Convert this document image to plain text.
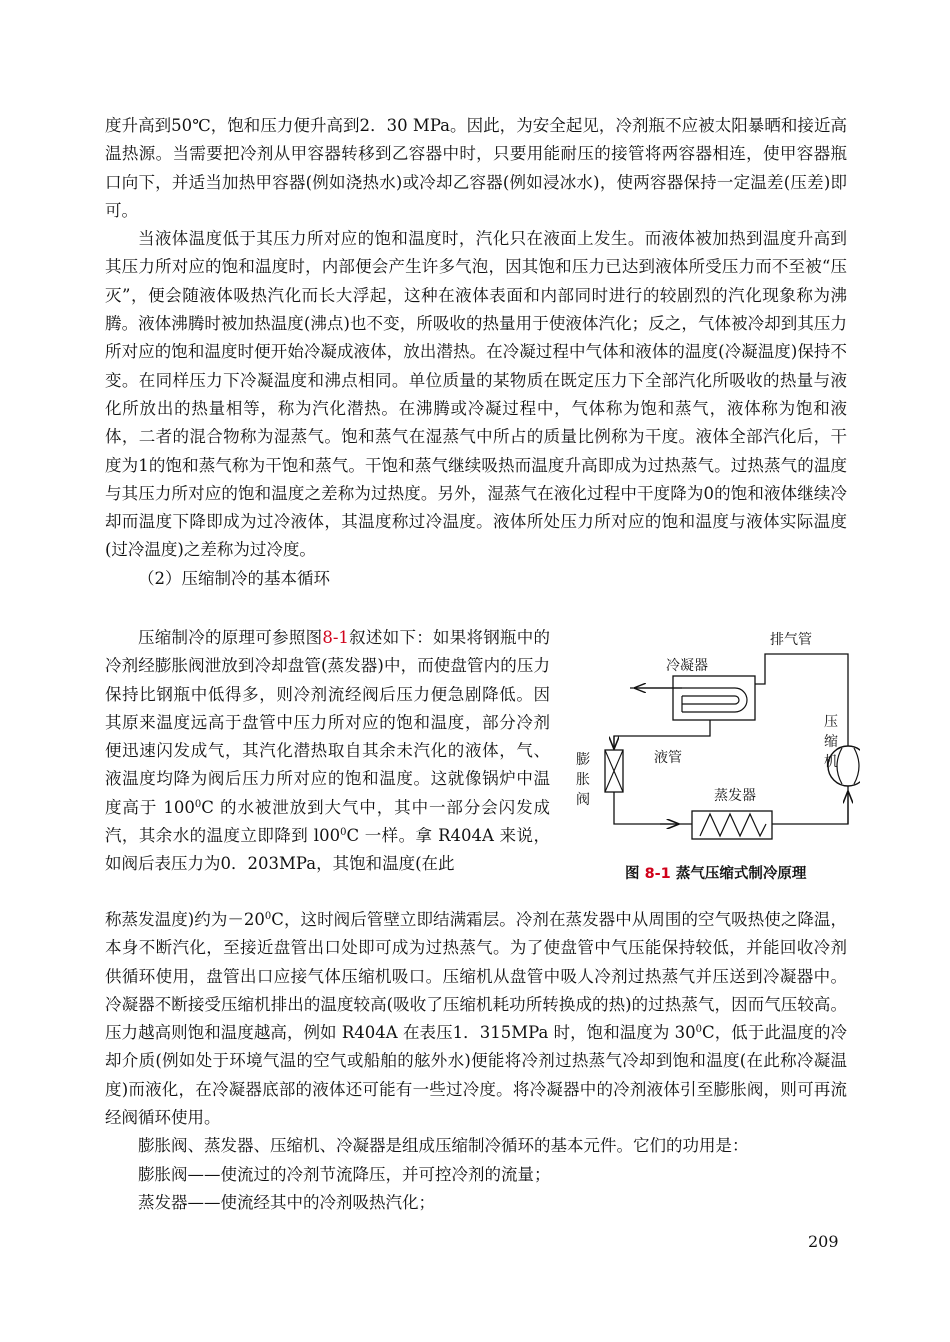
度升高到50℃，饱和压力便升高到2．30 MPa。因此，为安全起见，冷剂瓶不应被太阳暴晒和接近高温热源。当需要把冷剂从甲容器转移到乙容器中时，只要用能耐压的接管将两容器相连，使甲容器瓶口向下，并适当加热甲容器(例如浇热水)或冷却乙容器(例如浸冰水)，使两容器保持一定温差(压差)即可。

当液体温度低于其压力所对应的饱和温度时，汽化只在液面上发生。而液体被加热到温度升高到其压力所对应的饱和温度时，内部便会产生许多气泡，因其饱和压力已达到液体所受压力而不至被“压灭”，便会随液体吸热汽化而长大浮起，这种在液体表面和内部同时进行的较剧烈的汽化现象称为沸腾。液体沸腾时被加热温度(沸点)也不变，所吸收的热量用于使液体汽化；反之，气体被冷却到其压力所对应的饱和温度时便开始冷凝成液体，放出潜热。在冷凝过程中气体和液体的温度(冷凝温度)保持不变。在同样压力下冷凝温度和沸点相同。单位质量的某物质在既定压力下全部汽化所吸收的热量与液化所放出的热量相等，称为汽化潜热。在沸腾或冷凝过程中，气体称为饱和蒸气，液体称为饱和液体，二者的混合物称为湿蒸气。饱和蒸气在湿蒸气中所占的质量比例称为干度。液体全部汽化后，干度为1的饱和蒸气称为干饱和蒸气。干饱和蒸气继续吸热而温度升高即成为过热蒸气。过热蒸气的温度与其压力所对应的饱和温度之差称为过热度。另外，湿蒸气在液化过程中干度降为0的饱和液体继续冷却而温度下降即成为过冷液体，其温度称过冷温度。液体所处压力所对应的饱和温度与液体实际温度(过冷温度)之差称为过冷度。

（2）压缩制冷的基本循环

压缩制冷的原理可参照图8-1叙述如下：如果将钢瓶中的冷剂经膨胀阀泄放到冷却盘管(蒸发器)中，而使盘管内的压力保持比钢瓶中低得多，则冷剂流经阀后压力便急剧降低。因其原来温度远高于盘管中压力所对应的饱和温度，部分冷剂便迅速闪发成气，其汽化潜热取自其余未汽化的液体，气、液温度均降为阀后压力所对应的饱和温度。这就像锅炉中温度高于 $100^0C$ 的水被泄放到大气中，其中一部分会闪发成汽，其余水的温度立即降到 $l00^0C$ 一样。拿 R404A 来说，如阀后表压力为0．203MPa，其饱和温度(在此

排气管
冷凝器
液管
蒸发器
压缩机
膨胀阀
图 8-1 蒸气压缩式制冷原理

称蒸发温度)约为$-20^0C$，这时阀后管壁立即结满霜层。冷剂在蒸发器中从周围的空气吸热使之降温，本身不断汽化，至接近盘管出口处即可成为过热蒸气。为了使盘管中气压能保持较低，并能回收冷剂供循环使用，盘管出口应接气体压缩机吸口。压缩机从盘管中吸人冷剂过热蒸气并压送到冷凝器中。冷凝器不断接受压缩机排出的温度较高(吸收了压缩机耗功所转换成的热)的过热蒸气，因而气压较高。压力越高则饱和温度越高，例如 R404A 在表压1．315MPa 时，饱和温度为 $30^0C$，低于此温度的冷却介质(例如处于环境气温的空气或船舶的舷外水)便能将冷剂过热蒸气冷却到饱和温度(在此称冷凝温度)而液化，在冷凝器底部的液体还可能有一些过冷度。将冷凝器中的冷剂液体引至膨胀阀，则可再流经阀循环使用。

膨胀阀、蒸发器、压缩机、冷凝器是组成压缩制冷循环的基本元件。它们的功用是：

膨胀阀——使流过的冷剂节流降压，并可控冷剂的流量；

蒸发器——使流经其中的冷剂吸热汽化；

209
